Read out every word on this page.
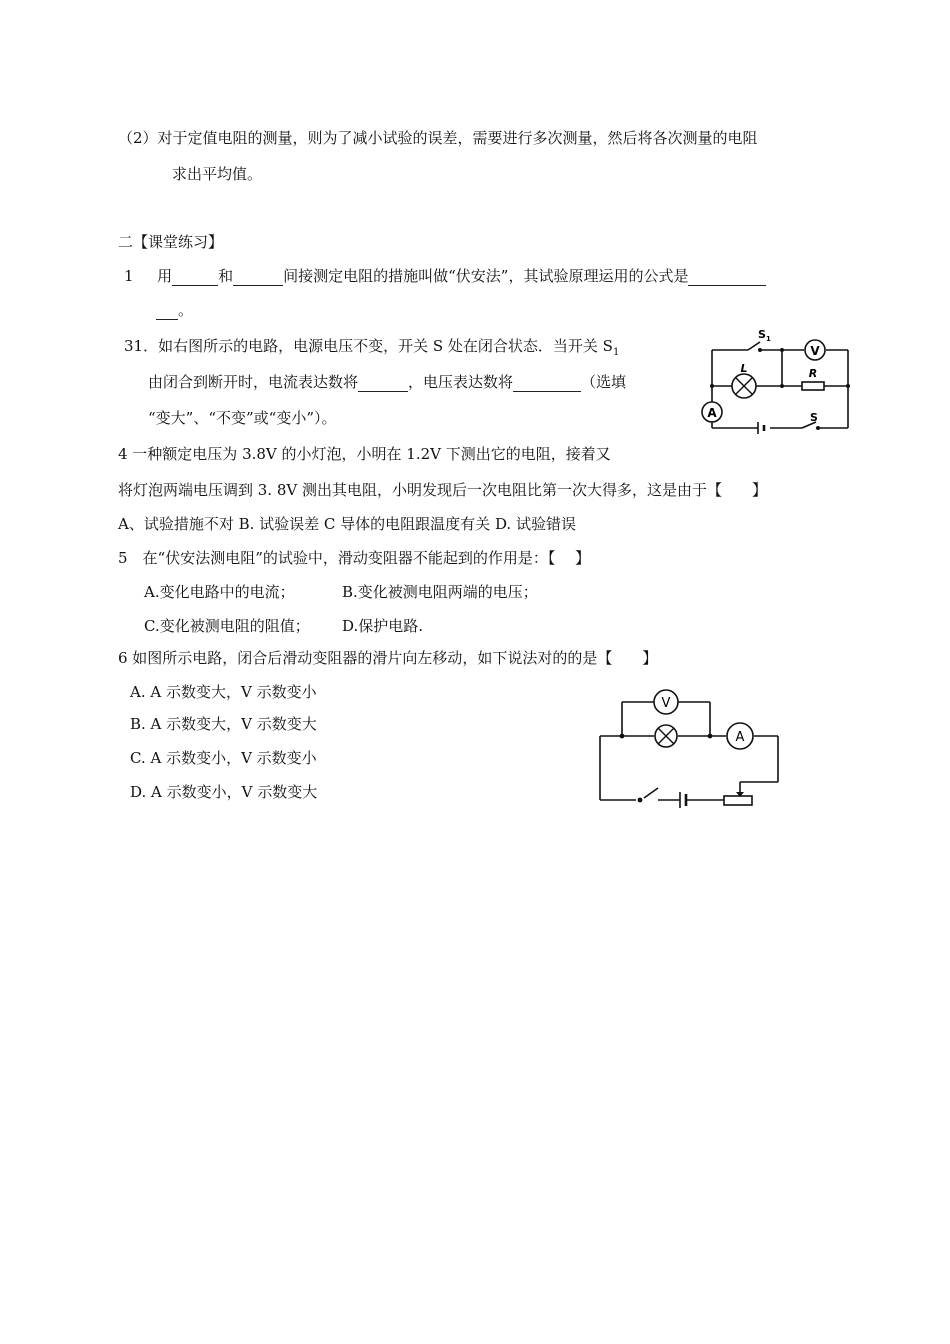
（2）对于定值电阻的测量，则为了减小试验的误差，需要进行多次测量，然后将各次测量的电阻
求出平均值。
二【课堂练习】
1 用	和	间接测定电阻的措施叫做“伏安法”，其试验原理运用的公式是
。
31．如右图所示的电路，电源电压不变，开关 S 处在闭合状态．当开关 $S_1$
由闭合到断开时，电流表达数将	，电压表达数将	（选填
“变大”、“不变”或“变小”）。
V
L	R
A
S 1
S
4 一种额定电压为 3.8V 的小灯泡，小明在 1.2V 下测出它的电阻，接着又
将灯泡两端电压调到 3. 8V 测出其电阻，小明发现后一次电阻比第一次大得多，这是由于【　　】
A、试验措施不对 B. 试验误差 C 导体的电阻跟温度有关 D. 试验错误
5　在“伏安法测电阻”的试验中，滑动变阻器不能起到的作用是：【　 】
A.变化电路中的电流；	B.变化被测电阻两端的电压；
C.变化被测电阻的阻值； D.保护电路.
6 如图所示电路，闭合后滑动变阻器的滑片向左移动，如下说法对的的是【　　】
A. A 示数变大，V 示数变小
B. A 示数变大，V 示数变大
C. A 示数变小，V 示数变小
D. A 示数变小，V 示数变大
V
A
